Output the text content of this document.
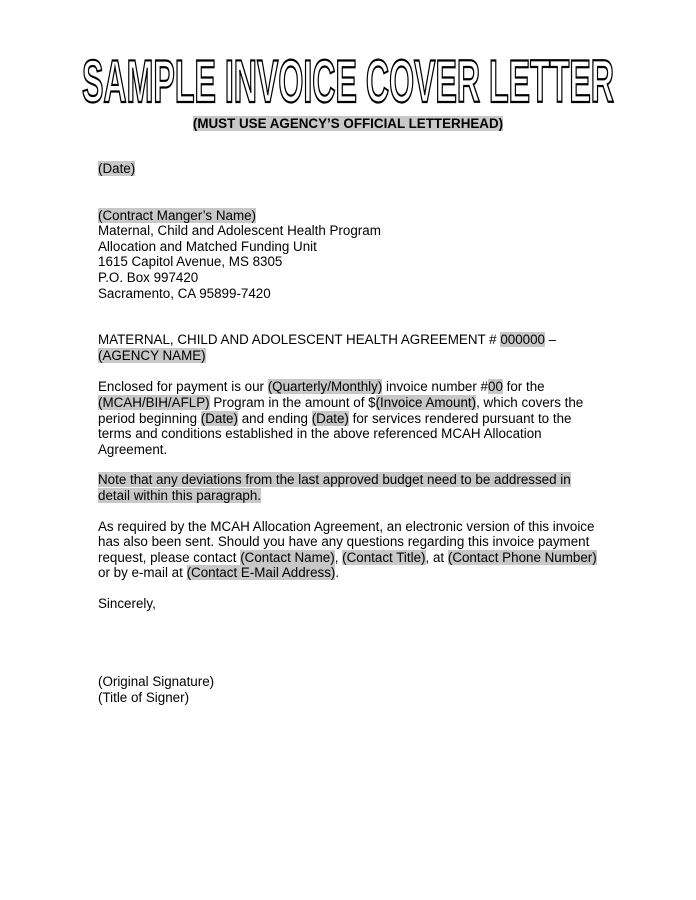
SAMPLE INVOICE COVER LETTER
(MUST USE AGENCY’S OFFICIAL LETTERHEAD)

(Date)

(Contract Manger’s Name)

Maternal, Child and Adolescent Health Program

Allocation and Matched Funding Unit

1615 Capitol Avenue, MS 8305

P.O. Box 997420

Sacramento, CA 95899-7420

MATERNAL, CHILD AND ADOLESCENT HEALTH AGREEMENT # 000000 –
(AGENCY NAME)

Enclosed for payment is our (Quarterly/Monthly) invoice number #00 for the (MCAH/BIH/AFLP) Program in the amount of $(Invoice Amount), which covers the period beginning (Date) and ending (Date) for services rendered pursuant to the terms and conditions established in the above referenced MCAH Allocation Agreement.

Note that any deviations from the last approved budget need to be addressed in detail within this paragraph.

As required by the MCAH Allocation Agreement, an electronic version of this invoice has also been sent. Should you have any questions regarding this invoice payment request, please contact (Contact Name), (Contact Title), at (Contact Phone Number) or by e-mail at (Contact E-Mail Address).

Sincerely,

(Original Signature)

(Title of Signer)
